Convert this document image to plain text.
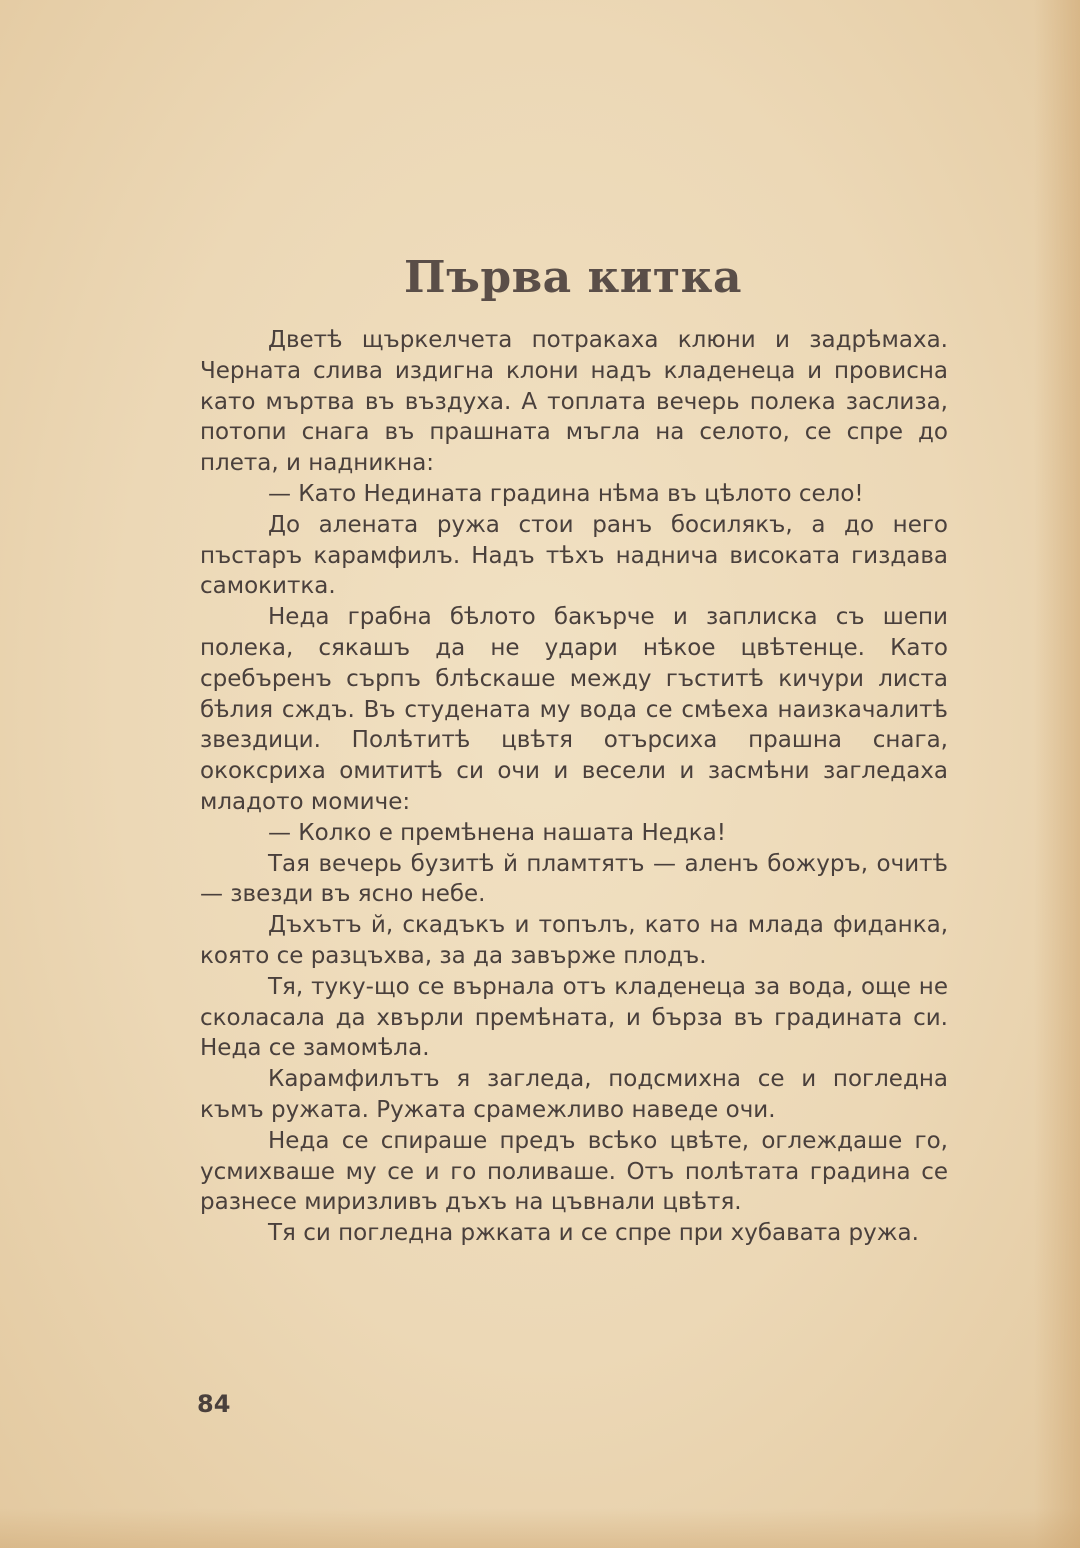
Първа китка

Дветѣ щъркелчета потракаха клюни и задрѣмахa. Черната слива издигна клони надъ кладенеца и провисна като мъртва въ въздуха. А топлата вечерь полека заслиза, потопи снага въ прашната мъгла на селото, се спре до плета, и надникна:

— Като Нединатa градина нѣма въ цѣлото село!

До аленатa ружа стои ранъ босилякъ, а до него пъстаръ карамфилъ. Надъ тѣхъ надничa високата гиздава самокитка.

Неда грабна бѣлото бакърче и заплиска съ шепи полека, сякашъ да не удари нѣкое цвѣтенце. Като сребъренъ сърпъ блѣскаше между гъститѣ кичури листа бѣлия сждъ. Въ студената му вода се смѣеха наизкачалитѣ звездици. Полѣтитѣ цвѣтя отърсиха прашна снага, ококcриха омититѣ си очи и весели и засмѣни загледаха младото момиче:

— Колко е премѣнена нашата Недка!

Тая вечерь бузитѣ й пламтятъ — аленъ божуръ, очитѣ — звезди въ ясно небе.

Дъхътъ й, скадъкъ и топълъ, като на млада фиданка, която се разцъхва, за да завърже плодъ.

Тя, туку-що се върнала отъ кладенеца за вода, още не сколасала да хвърли премѣната, и бърза въ градината си. Неда се замомѣла.

Карамфилътъ я загледа, подсмихна се и погледна къмъ ружата. Ружата срамежливо наведе очи.

Неда се спираше предъ всѣко цвѣте, оглеждаше го, усмихваше му се и го поливаше. Отъ полѣтата градина се разнесе миризливъ дъхъ на цъвнали цвѣтя.

Тя си погледна ржката и се спре при хубавата ружа.

84
